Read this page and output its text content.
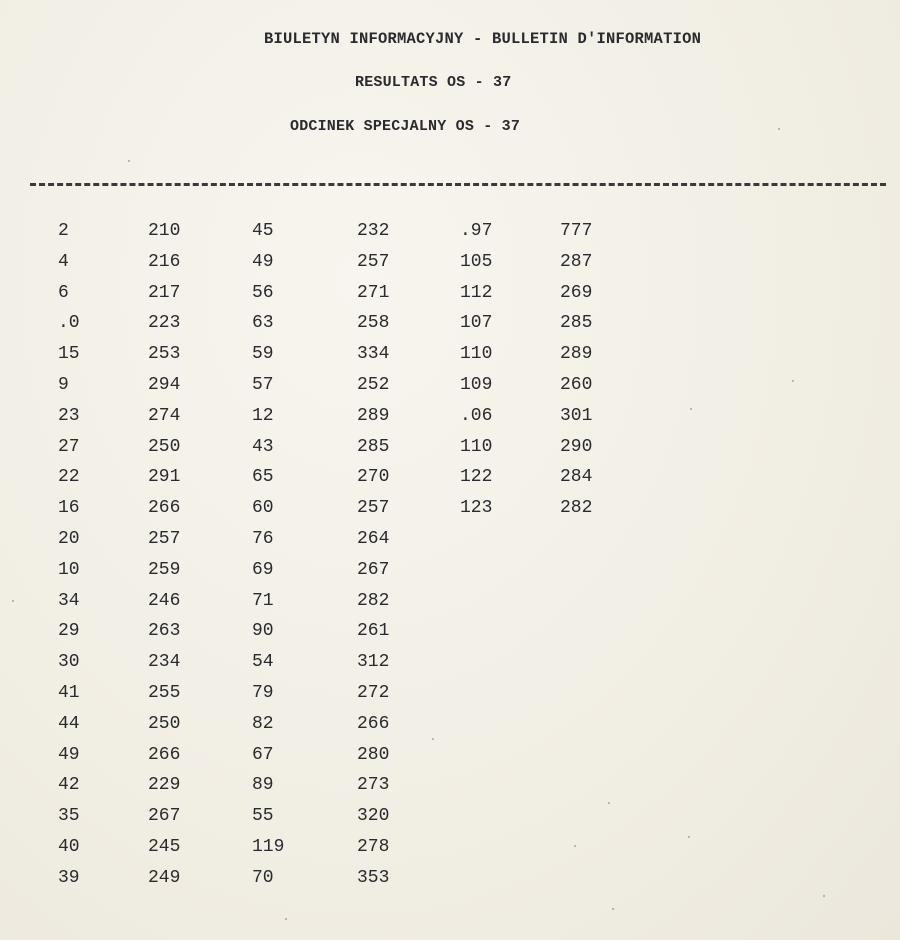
BIULETYN INFORMACYJNY - BULLETIN D'INFORMATION
RESULTATS OS - 37
ODCINEK SPECJALNY OS - 37
2
4
6
.0
15
9
23
27
22
16
20
10
34
29
30
41
44
49
42
35
40
39
210
216
217
223
253
294
274
250
291
266
257
259
246
263
234
255
250
266
229
267
245
249
45
49
56
63
59
57
12
43
65
60
76
69
71
90
54
79
82
67
89
55
119
70
232
257
271
258
334
252
289
285
270
257
264
267
282
261
312
272
266
280
273
320
278
353
.97
105
112
107
110
109
.06
110
122
123
777
287
269
285
289
260
301
290
284
282
